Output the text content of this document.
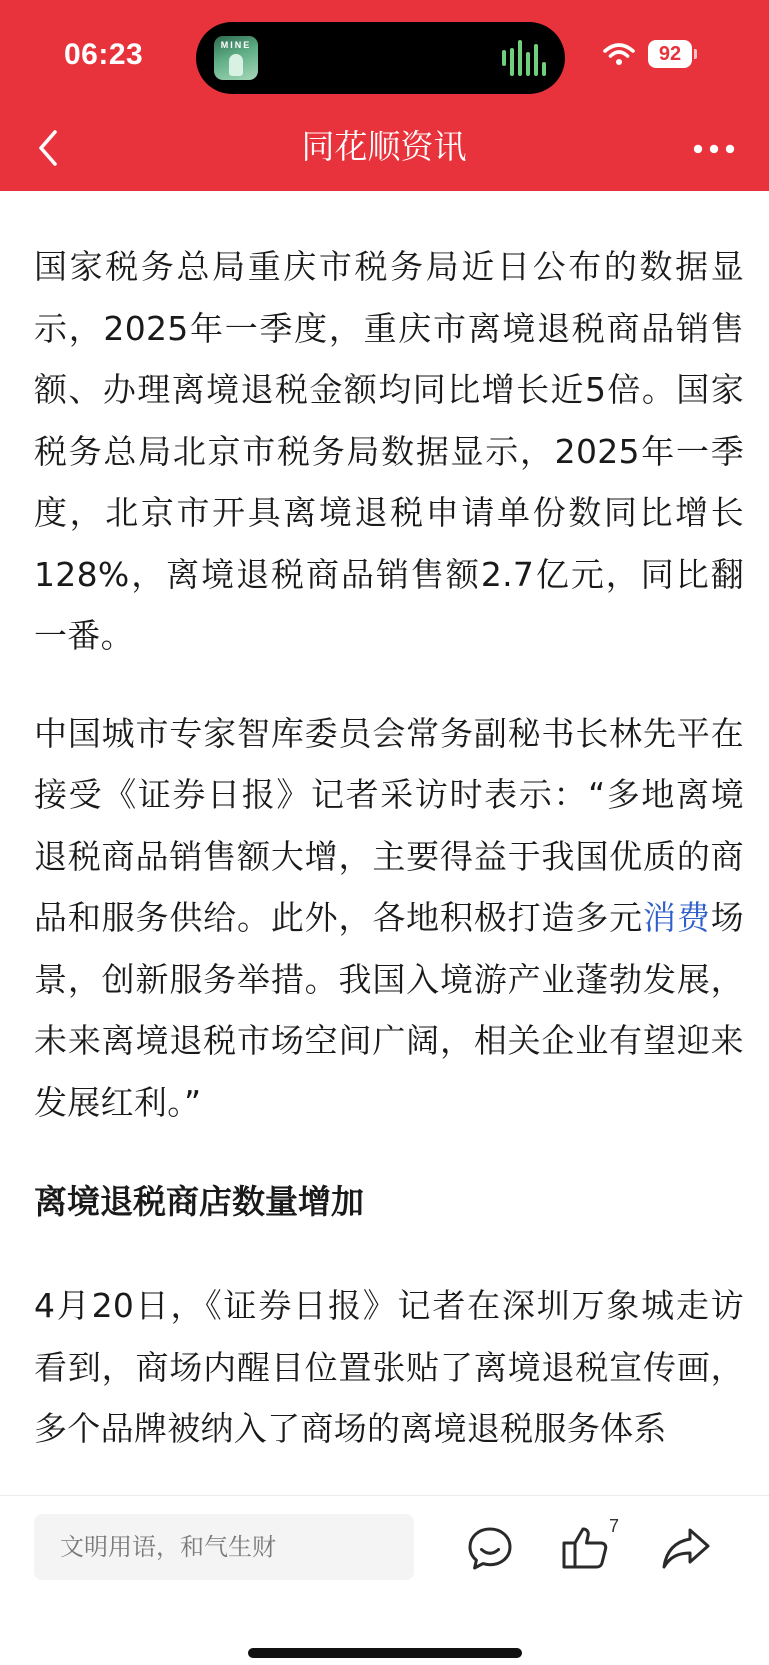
06:23	MINE	92
同花顺资讯

国家税务总局重庆市税务局近日公布的数据显示，2025年一季度，重庆市离境退税商品销售额、办理离境退税金额均同比增长近5倍。国家税务总局北京市税务局数据显示，2025年一季度，北京市开具离境退税申请单份数同比增长128%，离境退税商品销售额2.7亿元，同比翻一番。

中国城市专家智库委员会常务副秘书长林先平在接受《证券日报》记者采访时表示：“多地离境退税商品销售额大增，主要得益于我国优质的商品和服务供给。此外，各地积极打造多元消费场景，创新服务举措。我国入境游产业蓬勃发展，未来离境退税市场空间广阔，相关企业有望迎来发展红利。”

离境退税商店数量增加

4月20日，《证券日报》记者在深圳万象城走访看到，商场内醒目位置张贴了离境退税宣传画，多个品牌被纳入了商场的离境退税服务体系

文明用语，和气生财
7
